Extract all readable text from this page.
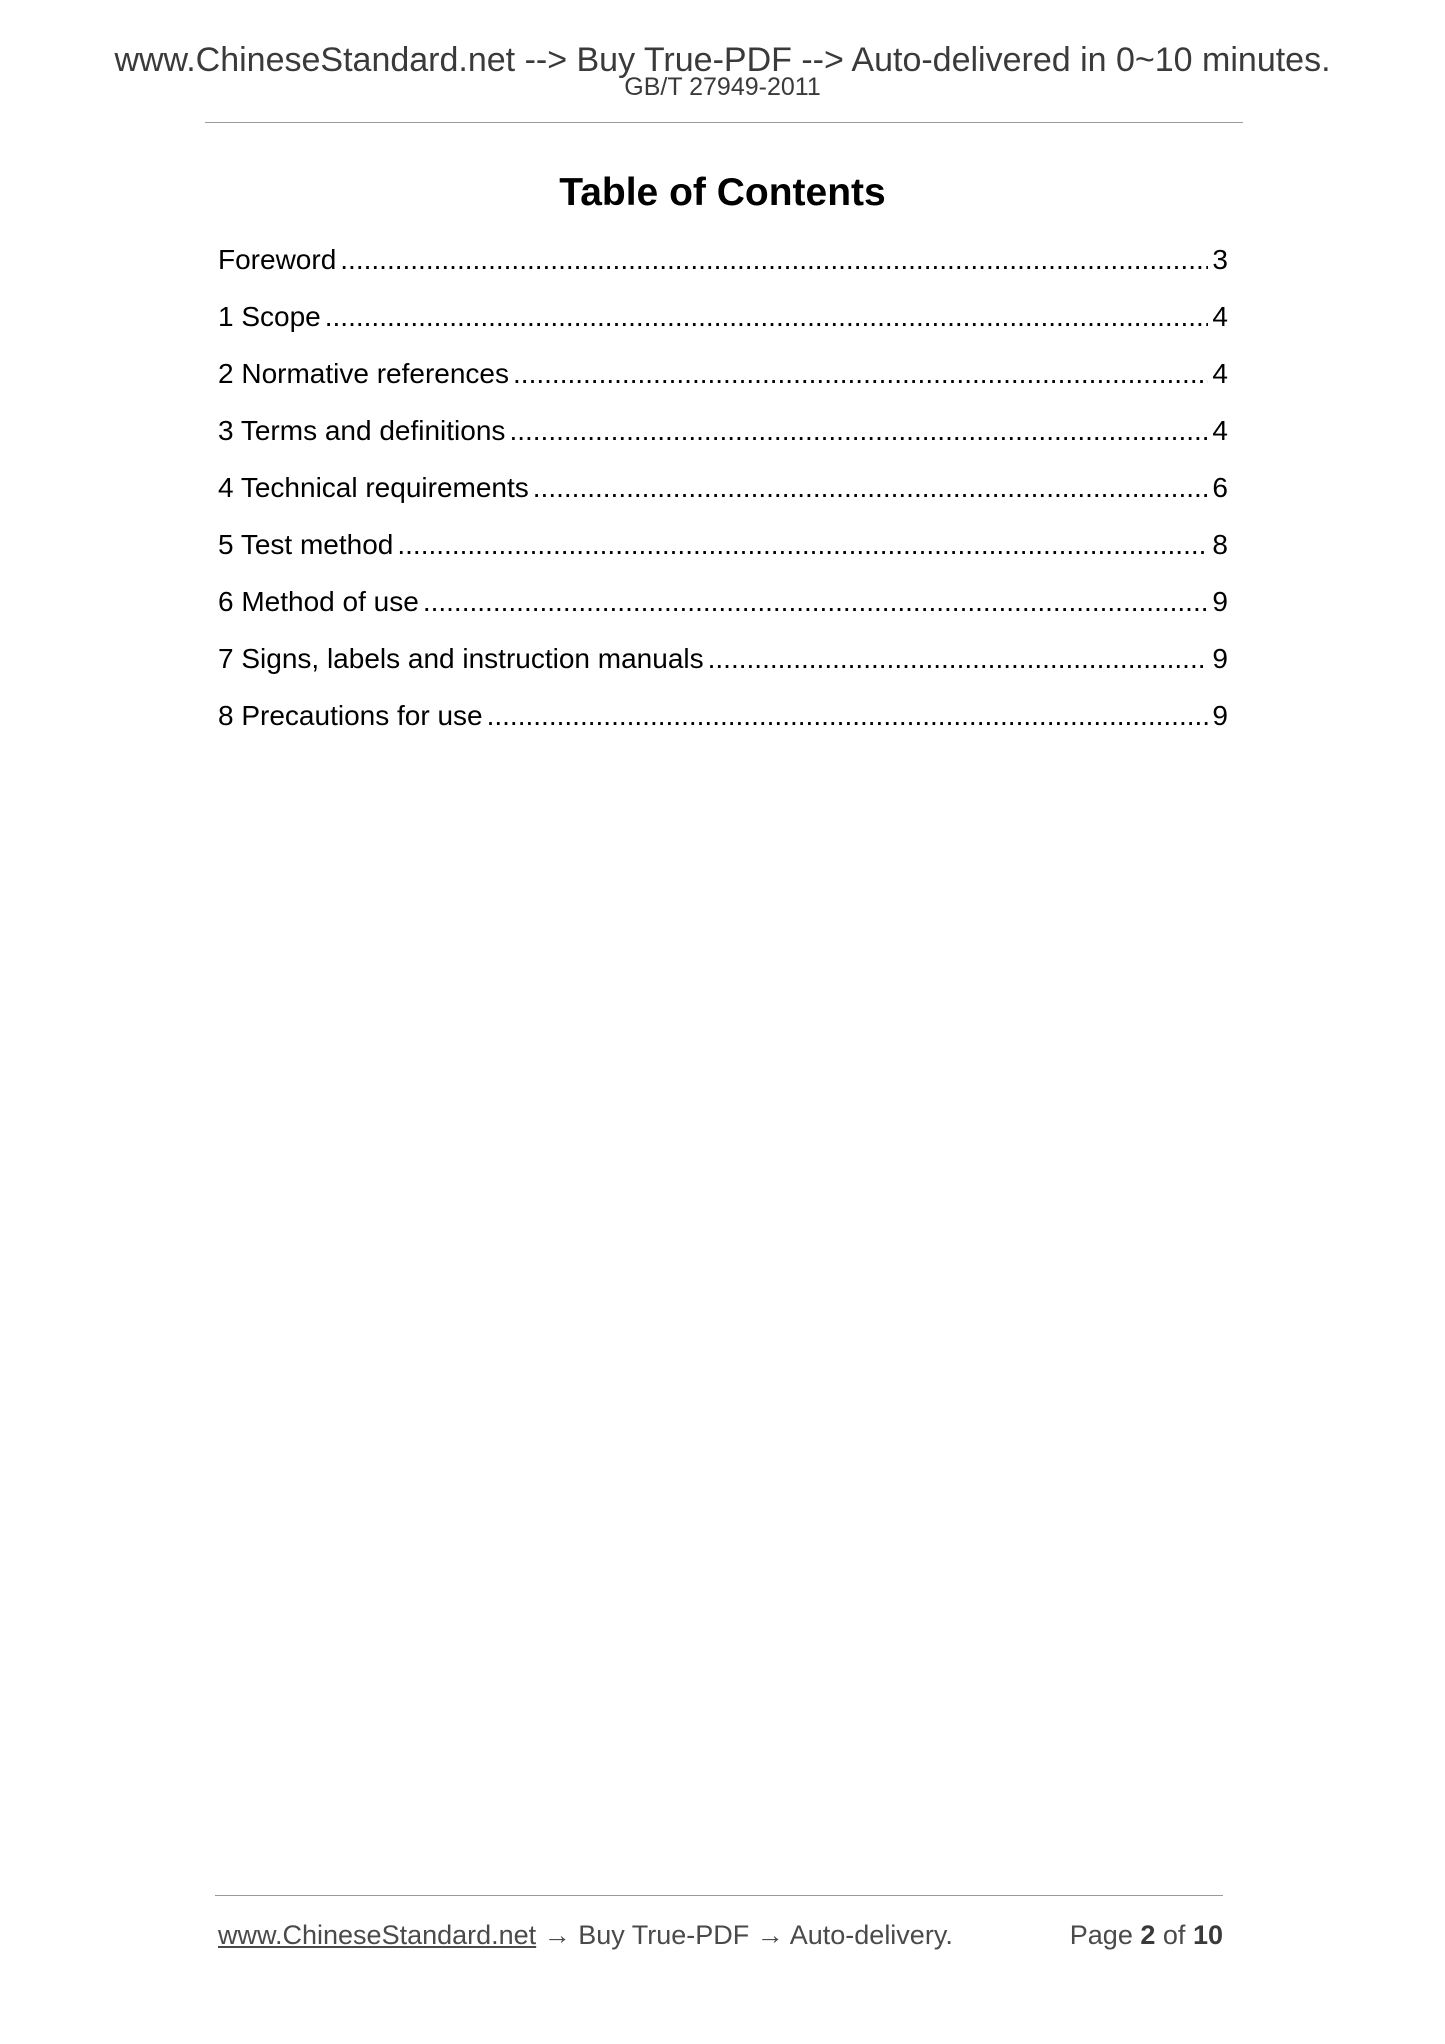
www.ChineseStandard.net --> Buy True-PDF --> Auto-delivered in 0~10 minutes.
GB/T 27949-2011
Table of Contents
Foreword .....	3
1 Scope .....	4
2 Normative references .....	4
3 Terms and definitions .....	4
4 Technical requirements .....	6
5 Test method .....	8
6 Method of use .....	9
7 Signs, labels and instruction manuals .....	9
8 Precautions for use .....	9
www.ChineseStandard.net → Buy True-PDF → Auto-delivery.	Page 2 of 10
